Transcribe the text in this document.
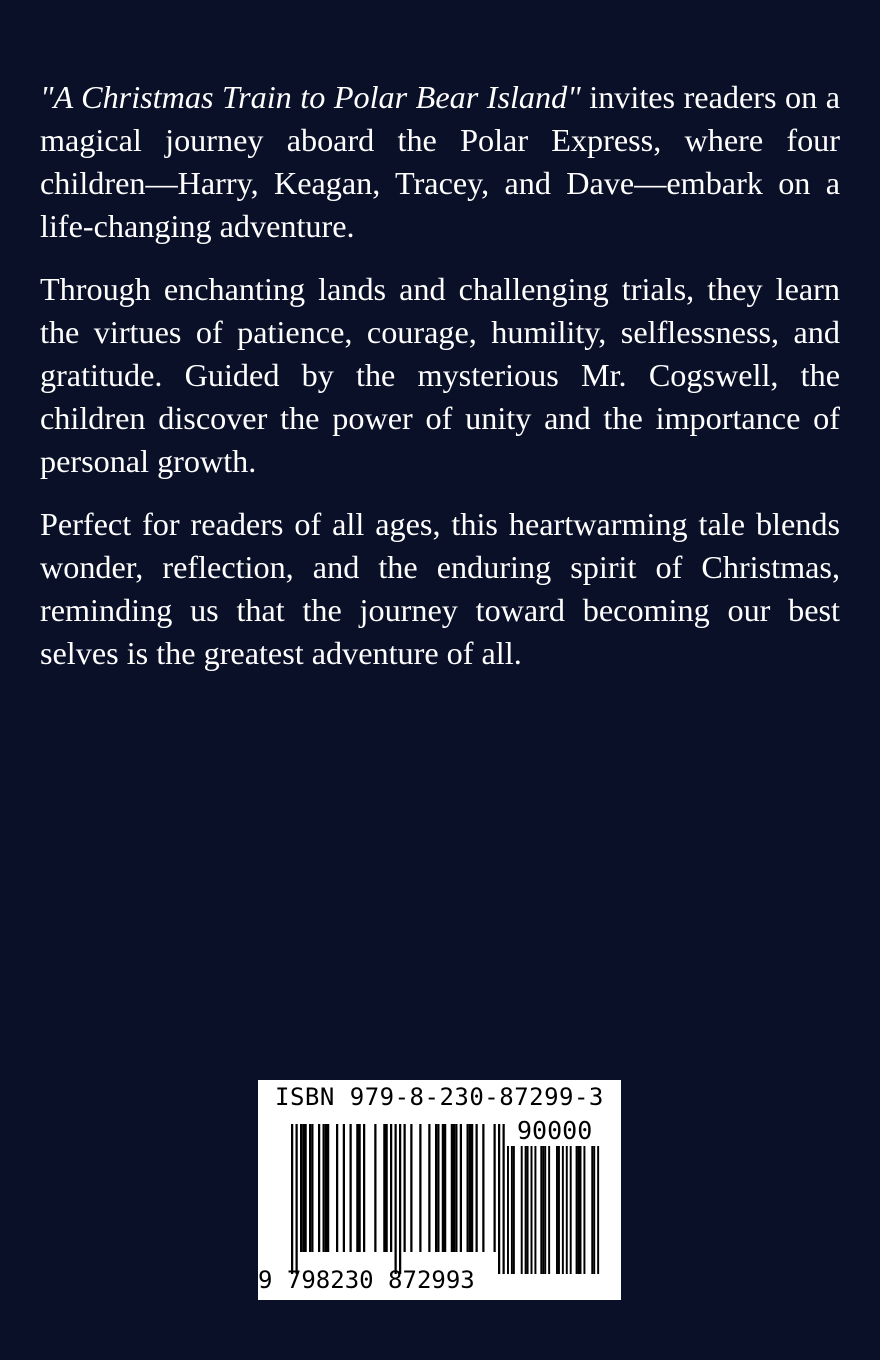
"A Christmas Train to Polar Bear Island" invites readers on a magical journey aboard the Polar Express, where four children—Harry, Keagan, Tracey, and Dave—embark on a life-changing adventure.

Through enchanting lands and challenging trials, they learn the virtues of patience, courage, humility, selflessness, and gratitude. Guided by the mysterious Mr. Cogswell, the children discover the power of unity and the importance of personal growth.

Perfect for readers of all ages, this heartwarming tale blends wonder, reflection, and the enduring spirit of Christmas, reminding us that the journey toward becoming our best selves is the greatest adventure of all.

ISBN 979-8-230-87299-3
90000
9 798230 872993
